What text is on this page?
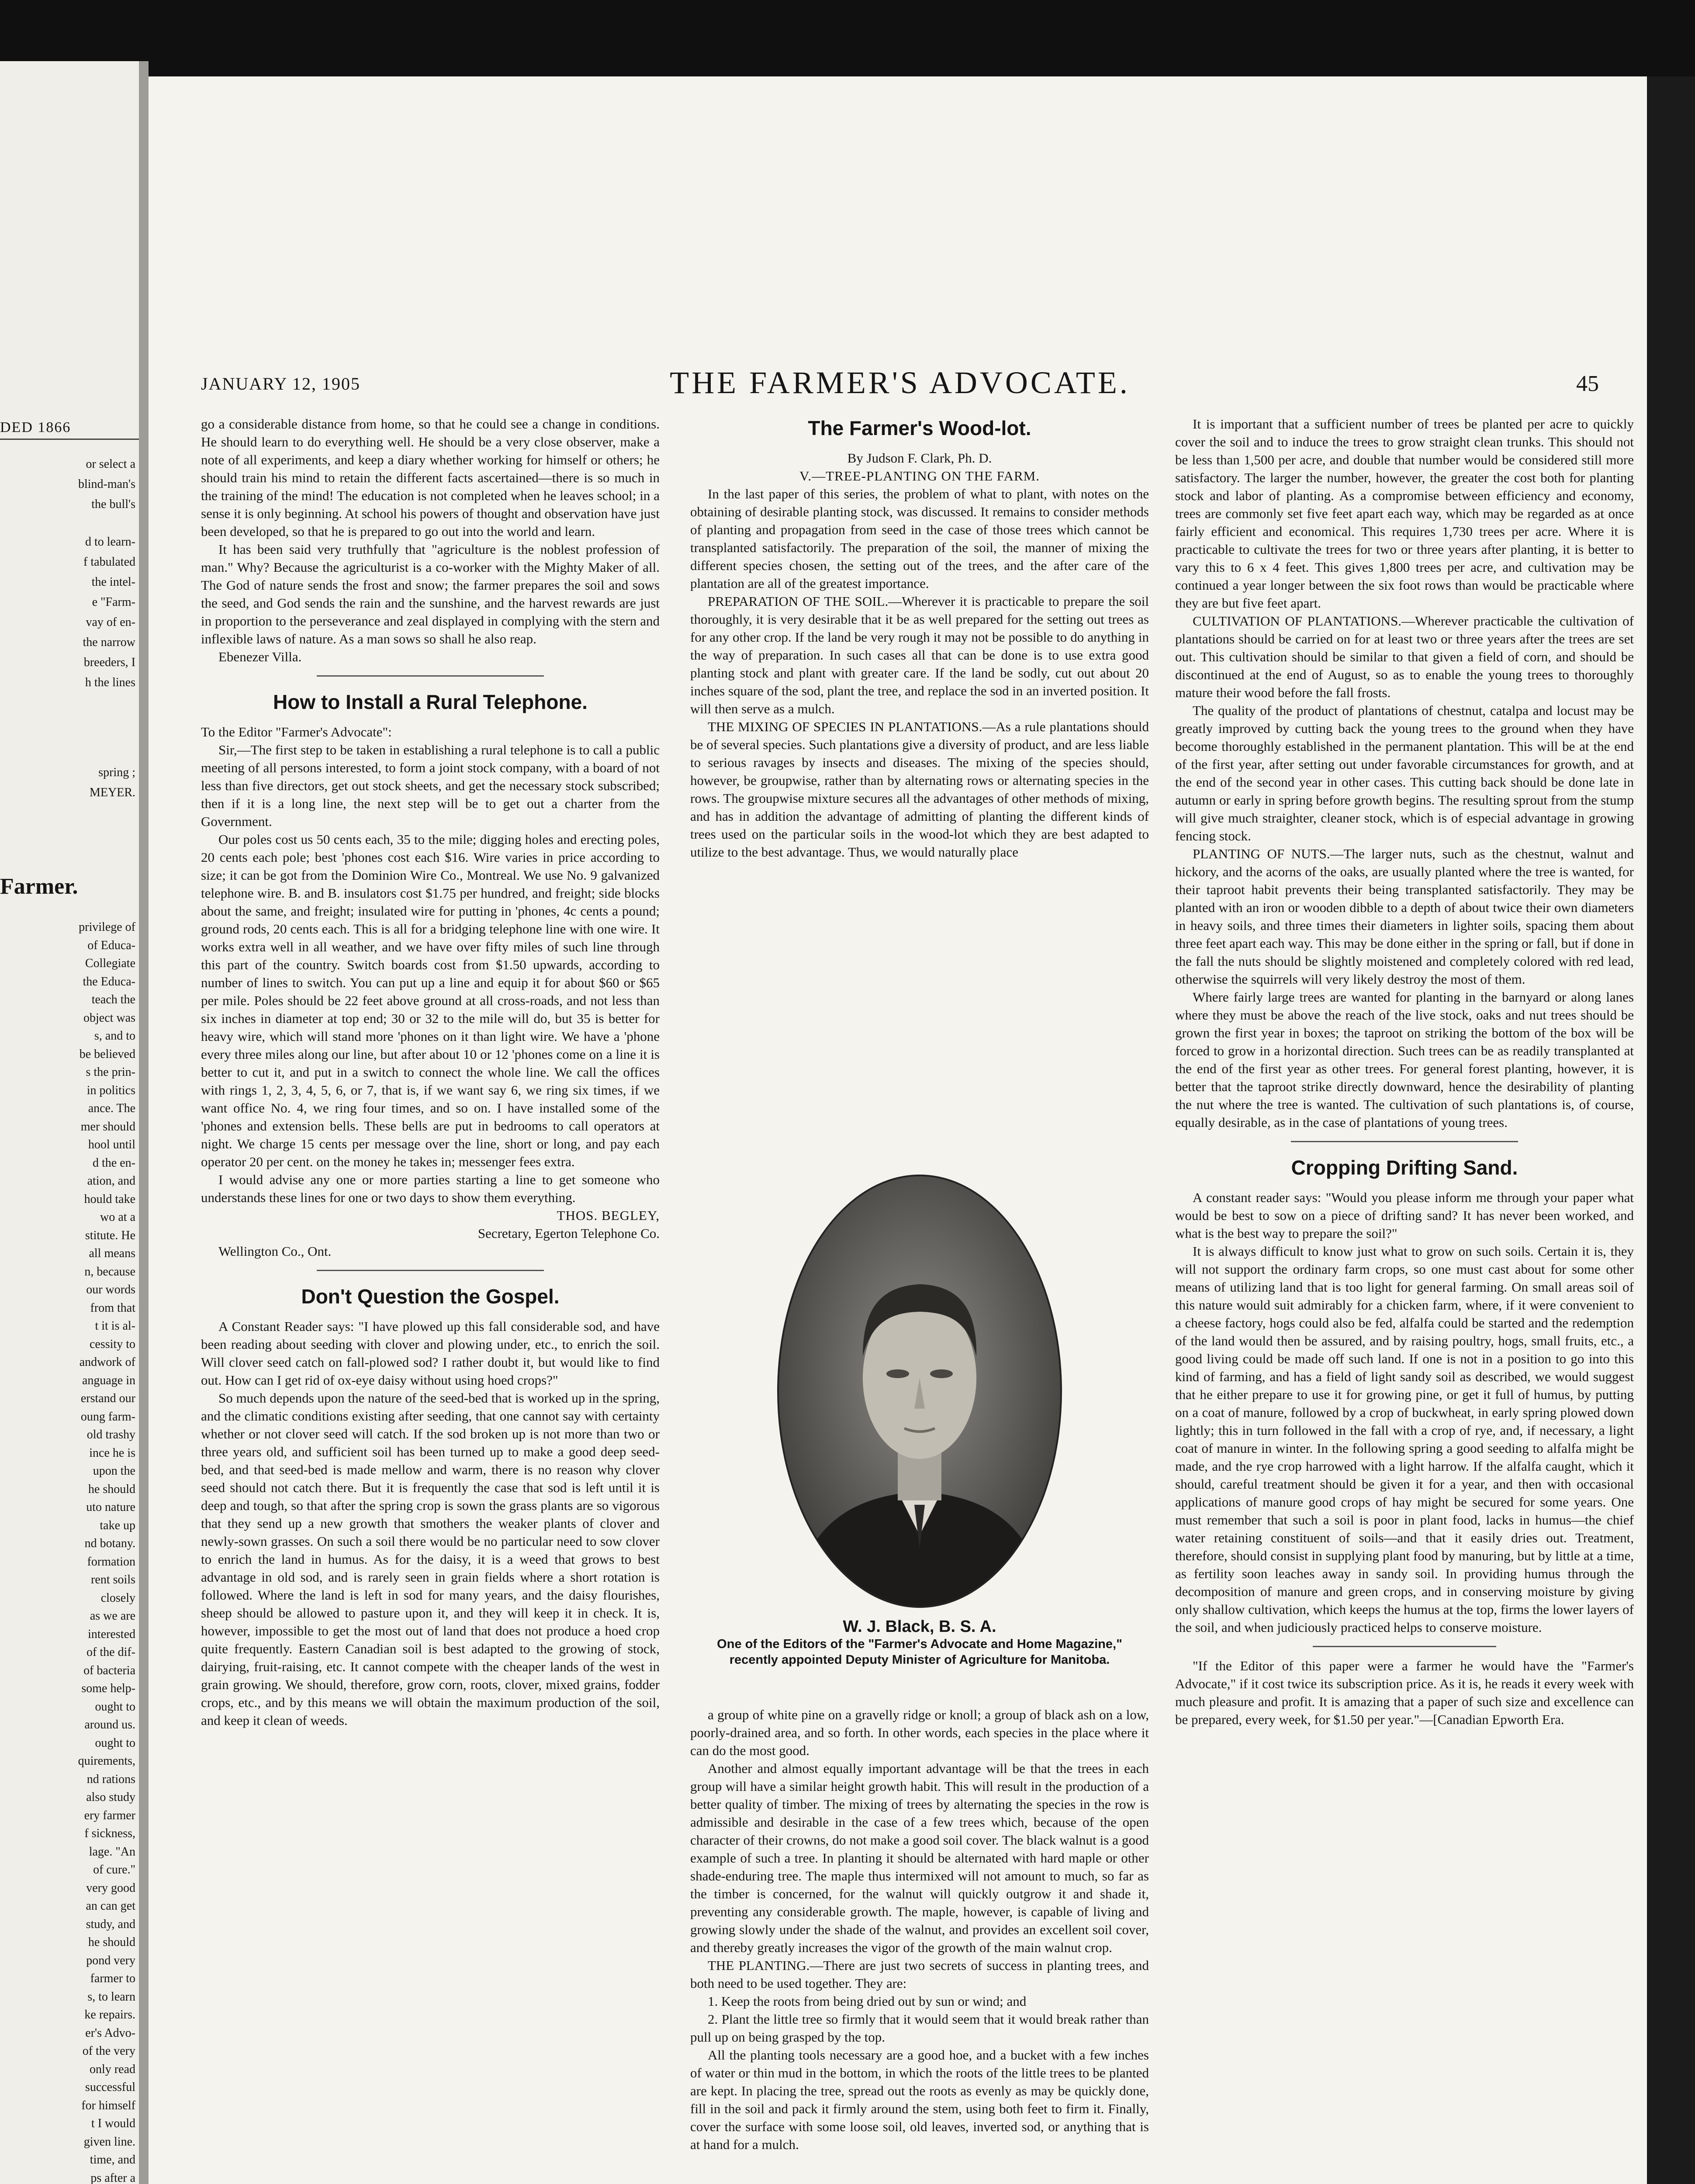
DED 1866
or select a
blind-man's
the bull's
d to learn-
f tabulated
the intel-
e "Farm-
vay of en-
the narrow
breeders, I
h the lines
spring ;
MEYER.
Farmer.
privilege of
of Educa-
Collegiate
the Educa-
teach the
object was
s, and to
be believed
s the prin-
in politics
ance. The
mer should
hool until
d the en-
ation, and
hould take
wo at a
stitute. He
all means
n, because
our words
from that
t it is al-
cessity to
andwork of
anguage in
erstand our
oung farm-
old trashy
ince he is
upon the
he should
uto nature
take up
nd botany.
formation
rent soils
closely
as we are
interested
of the dif-
of bacteria
some help-
ought to
around us.
ought to
quirements,
nd rations
also study
ery farmer
f sickness,
lage. "An
of cure."
very good
an can get
study, and
he should
pond very
farmer to
s, to learn
ke repairs.
er's Advo-
of the very
only read
successful
for himself
t I would
given line.
time, and
ps after a
THE FARMER'S ADVOCATE.
JANUARY 12, 1905	45

go a considerable distance from home, so that he could see a change in conditions. He should learn to do everything well. He should be a very close observer, make a note of all experiments, and keep a diary whether working for himself or others; he should train his mind to retain the different facts ascertained—there is so much in the training of the mind! The education is not completed when he leaves school; in a sense it is only beginning. At school his powers of thought and observation have just been developed, so that he is prepared to go out into the world and learn.

It has been said very truthfully that "agriculture is the noblest profession of man." Why? Because the agriculturist is a co-worker with the Mighty Maker of all. The God of nature sends the frost and snow; the farmer prepares the soil and sows the seed, and God sends the rain and the sunshine, and the harvest rewards are just in proportion to the perseverance and zeal displayed in complying with the stern and inflexible laws of nature. As a man sows so shall he also reap.

Ebenezer Villa.

How to Install a Rural Telephone.

To the Editor "Farmer's Advocate":

Sir,—The first step to be taken in establishing a rural telephone is to call a public meeting of all persons interested, to form a joint stock company, with a board of not less than five directors, get out stock sheets, and get the necessary stock subscribed; then if it is a long line, the next step will be to get out a charter from the Government.

Our poles cost us 50 cents each, 35 to the mile; digging holes and erecting poles, 20 cents each pole; best 'phones cost each $16. Wire varies in price according to size; it can be got from the Dominion Wire Co., Montreal. We use No. 9 galvanized telephone wire. B. and B. insulators cost $1.75 per hundred, and freight; side blocks about the same, and freight; insulated wire for putting in 'phones, 4c cents a pound; ground rods, 20 cents each. This is all for a bridging telephone line with one wire. It works extra well in all weather, and we have over fifty miles of such line through this part of the country. Switch boards cost from $1.50 upwards, according to number of lines to switch. You can put up a line and equip it for about $60 or $65 per mile. Poles should be 22 feet above ground at all cross-roads, and not less than six inches in diameter at top end; 30 or 32 to the mile will do, but 35 is better for heavy wire, which will stand more 'phones on it than light wire. We have a 'phone every three miles along our line, but after about 10 or 12 'phones come on a line it is better to cut it, and put in a switch to connect the whole line. We call the offices with rings 1, 2, 3, 4, 5, 6, or 7, that is, if we want say 6, we ring six times, if we want office No. 4, we ring four times, and so on. I have installed some of the 'phones and extension bells. These bells are put in bedrooms to call operators at night. We charge 15 cents per message over the line, short or long, and pay each operator 20 per cent. on the money he takes in; messenger fees extra.

I would advise any one or more parties starting a line to get someone who understands these lines for one or two days to show them everything.

THOS. BEGLEY,

Secretary, Egerton Telephone Co.

Wellington Co., Ont.

Don't Question the Gospel.

A Constant Reader says: "I have plowed up this fall considerable sod, and have been reading about seeding with clover and plowing under, etc., to enrich the soil. Will clover seed catch on fall-plowed sod? I rather doubt it, but would like to find out. How can I get rid of ox-eye daisy without using hoed crops?"

So much depends upon the nature of the seed-bed that is worked up in the spring, and the climatic conditions existing after seeding, that one cannot say with certainty whether or not clover seed will catch. If the sod broken up is not more than two or three years old, and sufficient soil has been turned up to make a good deep seed-bed, and that seed-bed is made mellow and warm, there is no reason why clover seed should not catch there. But it is frequently the case that sod is left until it is deep and tough, so that after the spring crop is sown the grass plants are so vigorous that they send up a new growth that smothers the weaker plants of clover and newly-sown grasses. On such a soil there would be no particular need to sow clover to enrich the land in humus. As for the daisy, it is a weed that grows to best advantage in old sod, and is rarely seen in grain fields where a short rotation is followed. Where the land is left in sod for many years, and the daisy flourishes, sheep should be allowed to pasture upon it, and they will keep it in check. It is, however, impossible to get the most out of land that does not produce a hoed crop quite frequently. Eastern Canadian soil is best adapted to the growing of stock, dairying, fruit-raising, etc. It cannot compete with the cheaper lands of the west in grain growing. We should, therefore, grow corn, roots, clover, mixed grains, fodder crops, etc., and by this means we will obtain the maximum production of the soil, and keep it clean of weeds.

The Farmer's Wood-lot.

By Judson F. Clark, Ph. D.

V.—TREE-PLANTING ON THE FARM.

In the last paper of this series, the problem of what to plant, with notes on the obtaining of desirable planting stock, was discussed. It remains to consider methods of planting and propagation from seed in the case of those trees which cannot be transplanted satisfactorily. The preparation of the soil, the manner of mixing the different species chosen, the setting out of the trees, and the after care of the plantation are all of the greatest importance.

PREPARATION OF THE SOIL.—Wherever it is practicable to prepare the soil thoroughly, it is very desirable that it be as well prepared for the setting out trees as for any other crop. If the land be very rough it may not be possible to do anything in the way of preparation. In such cases all that can be done is to use extra good planting stock and plant with greater care. If the land be sodly, cut out about 20 inches square of the sod, plant the tree, and replace the sod in an inverted position. It will then serve as a mulch.

THE MIXING OF SPECIES IN PLANTATIONS.—As a rule plantations should be of several species. Such plantations give a diversity of product, and are less liable to serious ravages by insects and diseases. The mixing of the species should, however, be groupwise, rather than by alternating rows or alternating species in the rows. The groupwise mixture secures all the advantages of other methods of mixing, and has in addition the advantage of admitting of planting the different kinds of trees used on the particular soils in the wood-lot which they are best adapted to utilize to the best advantage. Thus, we would naturally place

W. J. Black, B. S. A.
One of the Editors of the "Farmer's Advocate and Home Magazine," recently appointed Deputy Minister of Agriculture for Manitoba.

a group of white pine on a gravelly ridge or knoll; a group of black ash on a low, poorly-drained area, and so forth. In other words, each species in the place where it can do the most good.

Another and almost equally important advantage will be that the trees in each group will have a similar height growth habit. This will result in the production of a better quality of timber. The mixing of trees by alternating the species in the row is admissible and desirable in the case of a few trees which, because of the open character of their crowns, do not make a good soil cover. The black walnut is a good example of such a tree. In planting it should be alternated with hard maple or other shade-enduring tree. The maple thus intermixed will not amount to much, so far as the timber is concerned, for the walnut will quickly outgrow it and shade it, preventing any considerable growth. The maple, however, is capable of living and growing slowly under the shade of the walnut, and provides an excellent soil cover, and thereby greatly increases the vigor of the growth of the main walnut crop.

THE PLANTING.—There are just two secrets of success in planting trees, and both need to be used together. They are:

1. Keep the roots from being dried out by sun or wind; and

2. Plant the little tree so firmly that it would seem that it would break rather than pull up on being grasped by the top.

All the planting tools necessary are a good hoe, and a bucket with a few inches of water or thin mud in the bottom, in which the roots of the little trees to be planted are kept. In placing the tree, spread out the roots as evenly as may be quickly done, fill in the soil and pack it firmly around the stem, using both feet to firm it. Finally, cover the surface with some loose soil, old leaves, inverted sod, or anything that is at hand for a mulch.

It is important that a sufficient number of trees be planted per acre to quickly cover the soil and to induce the trees to grow straight clean trunks. This should not be less than 1,500 per acre, and double that number would be considered still more satisfactory. The larger the number, however, the greater the cost both for planting stock and labor of planting. As a compromise between efficiency and economy, trees are commonly set five feet apart each way, which may be regarded as at once fairly efficient and economical. This requires 1,730 trees per acre. Where it is practicable to cultivate the trees for two or three years after planting, it is better to vary this to 6 x 4 feet. This gives 1,800 trees per acre, and cultivation may be continued a year longer between the six foot rows than would be practicable where they are but five feet apart.

CULTIVATION OF PLANTATIONS.—Wherever practicable the cultivation of plantations should be carried on for at least two or three years after the trees are set out. This cultivation should be similar to that given a field of corn, and should be discontinued at the end of August, so as to enable the young trees to thoroughly mature their wood before the fall frosts.

The quality of the product of plantations of chestnut, catalpa and locust may be greatly improved by cutting back the young trees to the ground when they have become thoroughly established in the permanent plantation. This will be at the end of the first year, after setting out under favorable circumstances for growth, and at the end of the second year in other cases. This cutting back should be done late in autumn or early in spring before growth begins. The resulting sprout from the stump will give much straighter, cleaner stock, which is of especial advantage in growing fencing stock.

PLANTING OF NUTS.—The larger nuts, such as the chestnut, walnut and hickory, and the acorns of the oaks, are usually planted where the tree is wanted, for their taproot habit prevents their being transplanted satisfactorily. They may be planted with an iron or wooden dibble to a depth of about twice their own diameters in heavy soils, and three times their diameters in lighter soils, spacing them about three feet apart each way. This may be done either in the spring or fall, but if done in the fall the nuts should be slightly moistened and completely colored with red lead, otherwise the squirrels will very likely destroy the most of them.

Where fairly large trees are wanted for planting in the barnyard or along lanes where they must be above the reach of the live stock, oaks and nut trees should be grown the first year in boxes; the taproot on striking the bottom of the box will be forced to grow in a horizontal direction. Such trees can be as readily transplanted at the end of the first year as other trees. For general forest planting, however, it is better that the taproot strike directly downward, hence the desirability of planting the nut where the tree is wanted. The cultivation of such plantations is, of course, equally desirable, as in the case of plantations of young trees.

Cropping Drifting Sand.

A constant reader says: "Would you please inform me through your paper what would be best to sow on a piece of drifting sand? It has never been worked, and what is the best way to prepare the soil?"

It is always difficult to know just what to grow on such soils. Certain it is, they will not support the ordinary farm crops, so one must cast about for some other means of utilizing land that is too light for general farming. On small areas soil of this nature would suit admirably for a chicken farm, where, if it were convenient to a cheese factory, hogs could also be fed, alfalfa could be started and the redemption of the land would then be assured, and by raising poultry, hogs, small fruits, etc., a good living could be made off such land. If one is not in a position to go into this kind of farming, and has a field of light sandy soil as described, we would suggest that he either prepare to use it for growing pine, or get it full of humus, by putting on a coat of manure, followed by a crop of buckwheat, in early spring plowed down lightly; this in turn followed in the fall with a crop of rye, and, if necessary, a light coat of manure in winter. In the following spring a good seeding to alfalfa might be made, and the rye crop harrowed with a light harrow. If the alfalfa caught, which it should, careful treatment should be given it for a year, and then with occasional applications of manure good crops of hay might be secured for some years. One must remember that such a soil is poor in plant food, lacks in humus—the chief water retaining constituent of soils—and that it easily dries out. Treatment, therefore, should consist in supplying plant food by manuring, but by little at a time, as fertility soon leaches away in sandy soil. In providing humus through the decomposition of manure and green crops, and in conserving moisture by giving only shallow cultivation, which keeps the humus at the top, firms the lower layers of the soil, and when judiciously practiced helps to conserve moisture.

"If the Editor of this paper were a farmer he would have the "Farmer's Advocate," if it cost twice its subscription price. As it is, he reads it every week with much pleasure and profit. It is amazing that a paper of such size and excellence can be prepared, every week, for $1.50 per year."—[Canadian Epworth Era.
